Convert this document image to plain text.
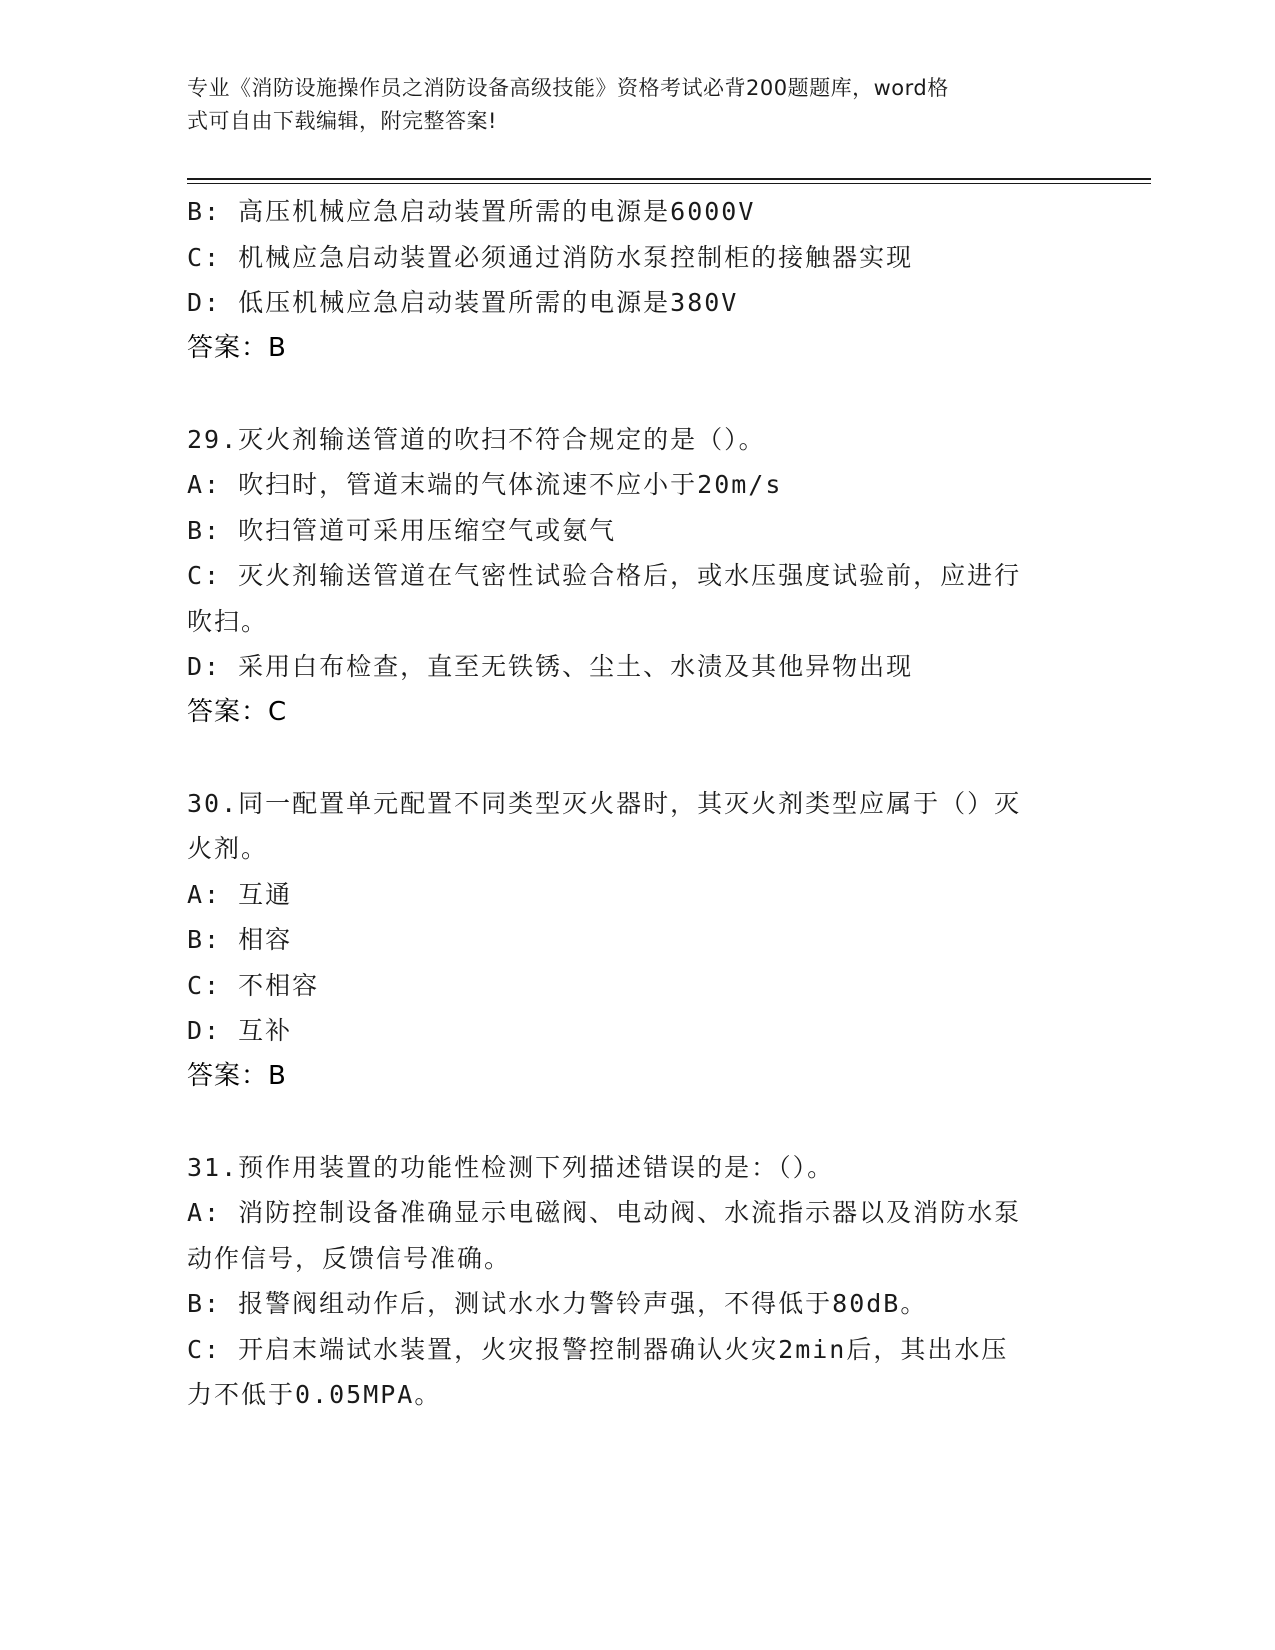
专业《消防设施操作员之消防设备高级技能》资格考试必背200题题库，word格
式可自由下载编辑，附完整答案!
B: 高压机械应急启动装置所需的电源是6000V
C: 机械应急启动装置必须通过消防水泵控制柜的接触器实现
D: 低压机械应急启动装置所需的电源是380V
答案：B
29.灭火剂输送管道的吹扫不符合规定的是（）。
A: 吹扫时，管道末端的气体流速不应小于20m/s
B: 吹扫管道可采用压缩空气或氨气
C: 灭火剂输送管道在气密性试验合格后，或水压强度试验前，应进行
吹扫。
D: 采用白布检查，直至无铁锈、尘土、水渍及其他异物出现
答案：C
30.同一配置单元配置不同类型灭火器时，其灭火剂类型应属于（）灭
火剂。
A: 互通
B: 相容
C: 不相容
D: 互补
答案：B
31.预作用装置的功能性检测下列描述错误的是：（）。
A: 消防控制设备准确显示电磁阀、电动阀、水流指示器以及消防水泵
动作信号，反馈信号准确。
B: 报警阀组动作后，测试水水力警铃声强，不得低于80dB。
C: 开启末端试水装置，火灾报警控制器确认火灾2min后，其出水压
力不低于0.05MPA。
